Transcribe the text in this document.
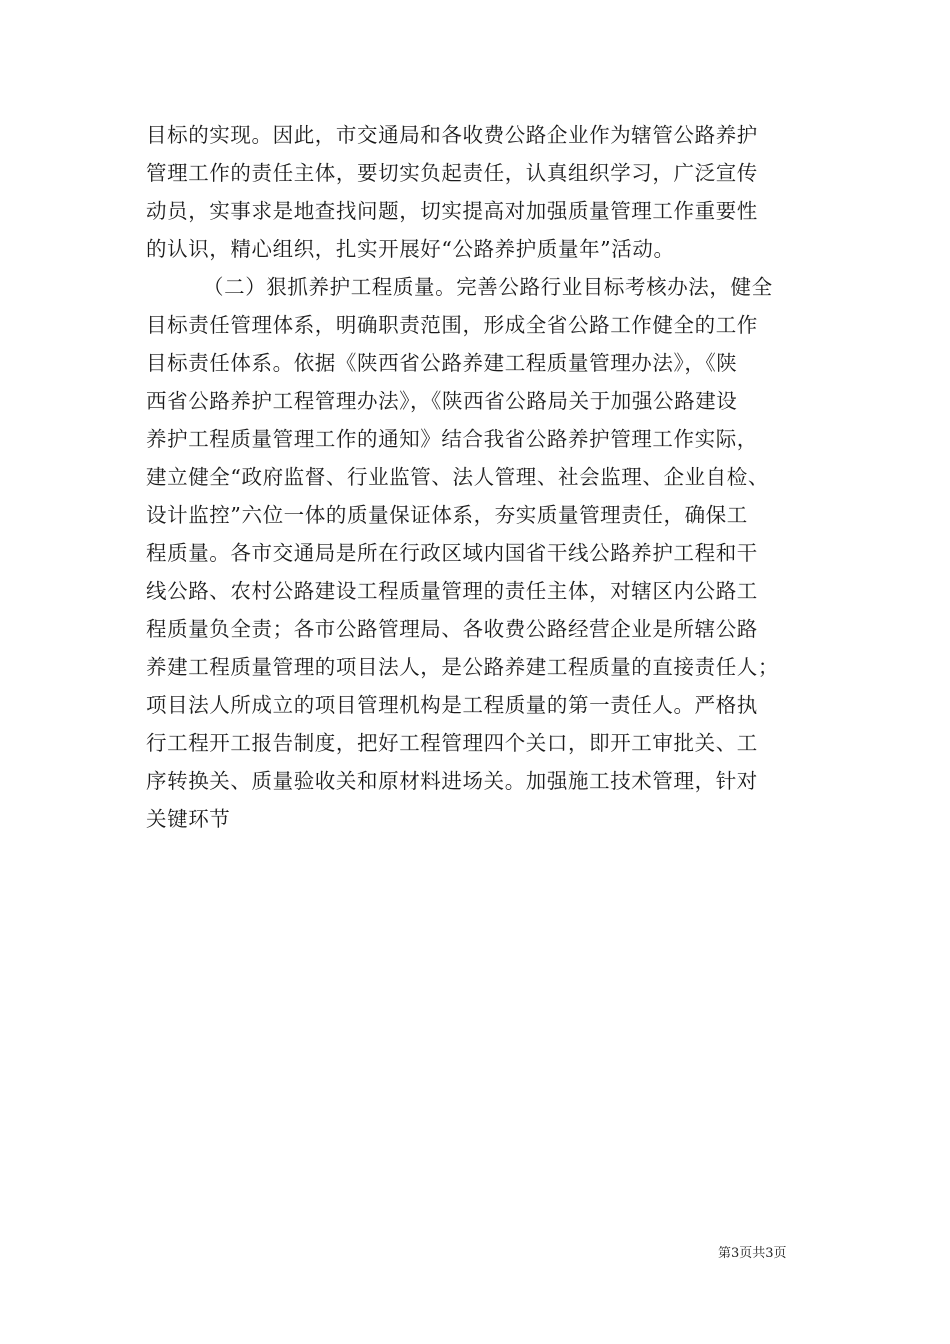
目标的实现。因此，市交通局和各收费公路企业作为辖管公路养护
管理工作的责任主体，要切实负起责任，认真组织学习，广泛宣传
动员，实事求是地查找问题，切实提高对加强质量管理工作重要性
的认识，精心组织，扎实开展好“公路养护质量年”活动。
（二）狠抓养护工程质量。完善公路行业目标考核办法，健全
目标责任管理体系，明确职责范围，形成全省公路工作健全的工作
目标责任体系。依据《陕西省公路养建工程质量管理办法》，《陕
西省公路养护工程管理办法》，《陕西省公路局关于加强公路建设
养护工程质量管理工作的通知》结合我省公路养护管理工作实际，
建立健全“政府监督、行业监管、法人管理、社会监理、企业自检、
设计监控”六位一体的质量保证体系，夯实质量管理责任，确保工
程质量。各市交通局是所在行政区域内国省干线公路养护工程和干
线公路、农村公路建设工程质量管理的责任主体，对辖区内公路工
程质量负全责；各市公路管理局、各收费公路经营企业是所辖公路
养建工程质量管理的项目法人，是公路养建工程质量的直接责任人；
项目法人所成立的项目管理机构是工程质量的第一责任人。严格执
行工程开工报告制度，把好工程管理四个关口，即开工审批关、工
序转换关、质量验收关和原材料进场关。加强施工技术管理，针对
关键环节
第3页共3页
